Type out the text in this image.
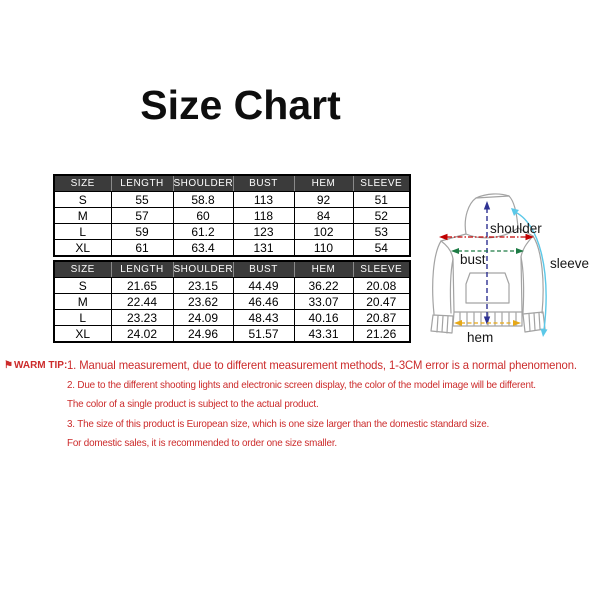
Size Chart
SIZE	LENGTH	SHOULDER	BUST	HEM	SLEEVE
S	55	58.8	113	92	51
M	57	60	118	84	52
L	59	61.2	123	102	53
XL	61	63.4	131	110	54
SIZE	LENGTH	SHOULDER	BUST	HEM	SLEEVE
S	21.65	23.15	44.49	36.22	20.08
M	22.44	23.62	46.46	33.07	20.47
L	23.23	24.09	48.43	40.16	20.87
XL	24.02	24.96	51.57	43.31	21.26
shoulder
bust	sleeve
hem
⚑WARM TIP: 1. Manual measurement, due to different measurement methods, 1-3CM error is a normal phenomenon.
2. Due to the different shooting lights and electronic screen display, the color of the model image will be different.
The color of a single product is subject to the actual product.
3. The size of this product is European size, which is one size larger than the domestic standard size.
For domestic sales, it is recommended to order one size smaller.
